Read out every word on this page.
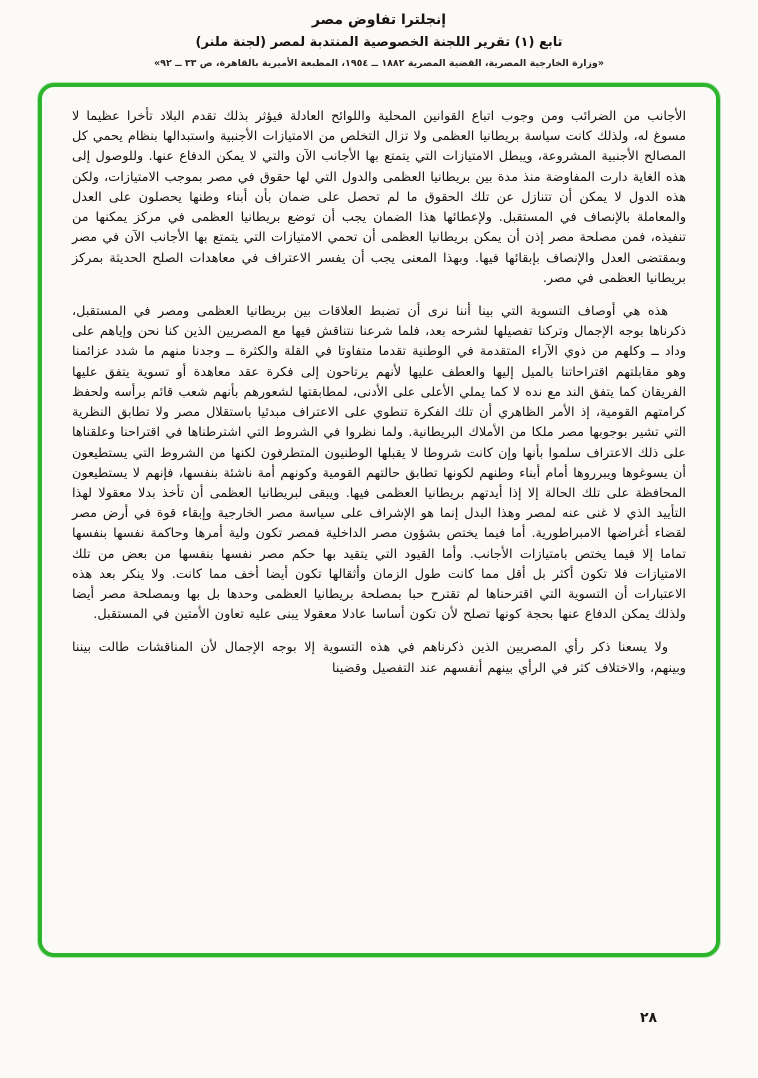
إنجلترا تفاوض مصر
تابع (١) تقرير اللجنة الخصوصية المنتدبة لمصر (لجنة ملنر)
«وزارة الخارجية المصرية، القضية المصرية ١٨٨٢ ــ ١٩٥٤، المطبعة الأميرية بالقاهرة، ص ٣٣ ــ ٩٢»

الأجانب من الضرائب ومن وجوب اتباع القوانين المحلية واللوائح العادلة فيؤثر بذلك تقدم البلاد تأخرا عظيما لا مسوغ له، ولذلك كانت سياسة بريطانيا العظمى ولا تزال التخلص من الامتيازات الأجنبية واستبدالها بنظام يحمي كل المصالح الأجنبية المشروعة، ويبطل الامتيازات التي يتمتع بها الأجانب الآن والتي لا يمكن الدفاع عنها. وللوصول إلى هذه الغاية دارت المفاوضة منذ مدة بين بريطانيا العظمى والدول التي لها حقوق في مصر بموجب الامتيازات، ولكن هذه الدول لا يمكن أن تتنازل عن تلك الحقوق ما لم تحصل على ضمان بأن أبناء وطنها يحصلون على العدل والمعاملة بالإنصاف في المستقبل. ولإعطائها هذا الضمان يجب أن توضع بريطانيا العظمى في مركز يمكنها من تنفيذه، فمن مصلحة مصر إذن أن يمكن بريطانيا العظمى أن تحمي الامتيازات التي يتمتع بها الأجانب الآن في مصر وبمقتضى العدل والإنصاف بإبقائها فيها. وبهذا المعنى يجب أن يفسر الاعتراف في معاهدات الصلح الحديثة بمركز بريطانيا العظمى في مصر.

هذه هي أوصاف التسوية التي بينا أننا نرى أن تضبط العلاقات بين بريطانيا العظمى ومصر في المستقبل، ذكرناها بوجه الإجمال وتركنا تفصيلها لشرحه بعد، فلما شرعنا نتناقش فيها مع المصريين الذين كنا نحن وإياهم على وداد ــ وكلهم من ذوي الآراء المتقدمة في الوطنية تقدما متفاوتا في القلة والكثرة ــ وجدنا منهم ما شدد عزائمنا وهو مقابلتهم اقتراحاتنا بالميل إليها والعطف عليها لأنهم يرتاحون إلى فكرة عقد معاهدة أو تسوية يتفق عليها الفريقان كما يتفق الند مع نده لا كما يملي الأعلى على الأدنى، لمطابقتها لشعورهم بأنهم شعب قائم برأسه ولحفظ كرامتهم القومية، إذ الأمر الظاهري أن تلك الفكرة تنطوي على الاعتراف مبدئيا باستقلال مصر ولا تطابق النظرية التي تشير بوجوبها مصر ملكا من الأملاك البريطانية. ولما نظروا في الشروط التي اشترطناها في اقتراحنا وعلقناها على ذلك الاعتراف سلموا بأنها وإن كانت شروطا لا يقبلها الوطنيون المتطرفون لكنها من الشروط التي يستطيعون أن يسوغوها ويبرروها أمام أبناء وطنهم لكونها تطابق حالتهم القومية وكونهم أمة ناشئة بنفسها، فإنهم لا يستطيعون المحافظة على تلك الحالة إلا إذا أيدتهم بريطانيا العظمى فيها. ويبقى لبريطانيا العظمى أن تأخذ بدلا معقولا لهذا التأييد الذي لا غنى عنه لمصر وهذا البدل إنما هو الإشراف على سياسة مصر الخارجية وإبقاء قوة في أرض مصر لقضاء أغراضها الامبراطورية. أما فيما يختص بشؤون مصر الداخلية فمصر تكون ولية أمرها وحاكمة نفسها بنفسها تماما إلا فيما يختص بامتيازات الأجانب. وأما القيود التي يتقيد بها حكم مصر نفسها بنفسها من بعض من تلك الامتيازات فلا تكون أكثر بل أقل مما كانت طول الزمان وأثقالها تكون أيضا أخف مما كانت. ولا ينكر بعد هذه الاعتبارات أن التسوية التي اقترحناها لم تقترح حبا بمصلحة بريطانيا العظمى وحدها بل بها وبمصلحة مصر أيضا ولذلك يمكن الدفاع عنها بحجة كونها تصلح لأن تكون أساسا عادلا معقولا يبنى عليه تعاون الأمتين في المستقبل.

ولا يسعنا ذكر رأي المصريين الذين ذكرناهم في هذه التسوية إلا بوجه الإجمال لأن المناقشات طالت بيننا وبينهم، والاختلاف كثر في الرأي بينهم أنفسهم عند التفصيل وقضينا

٢٨
